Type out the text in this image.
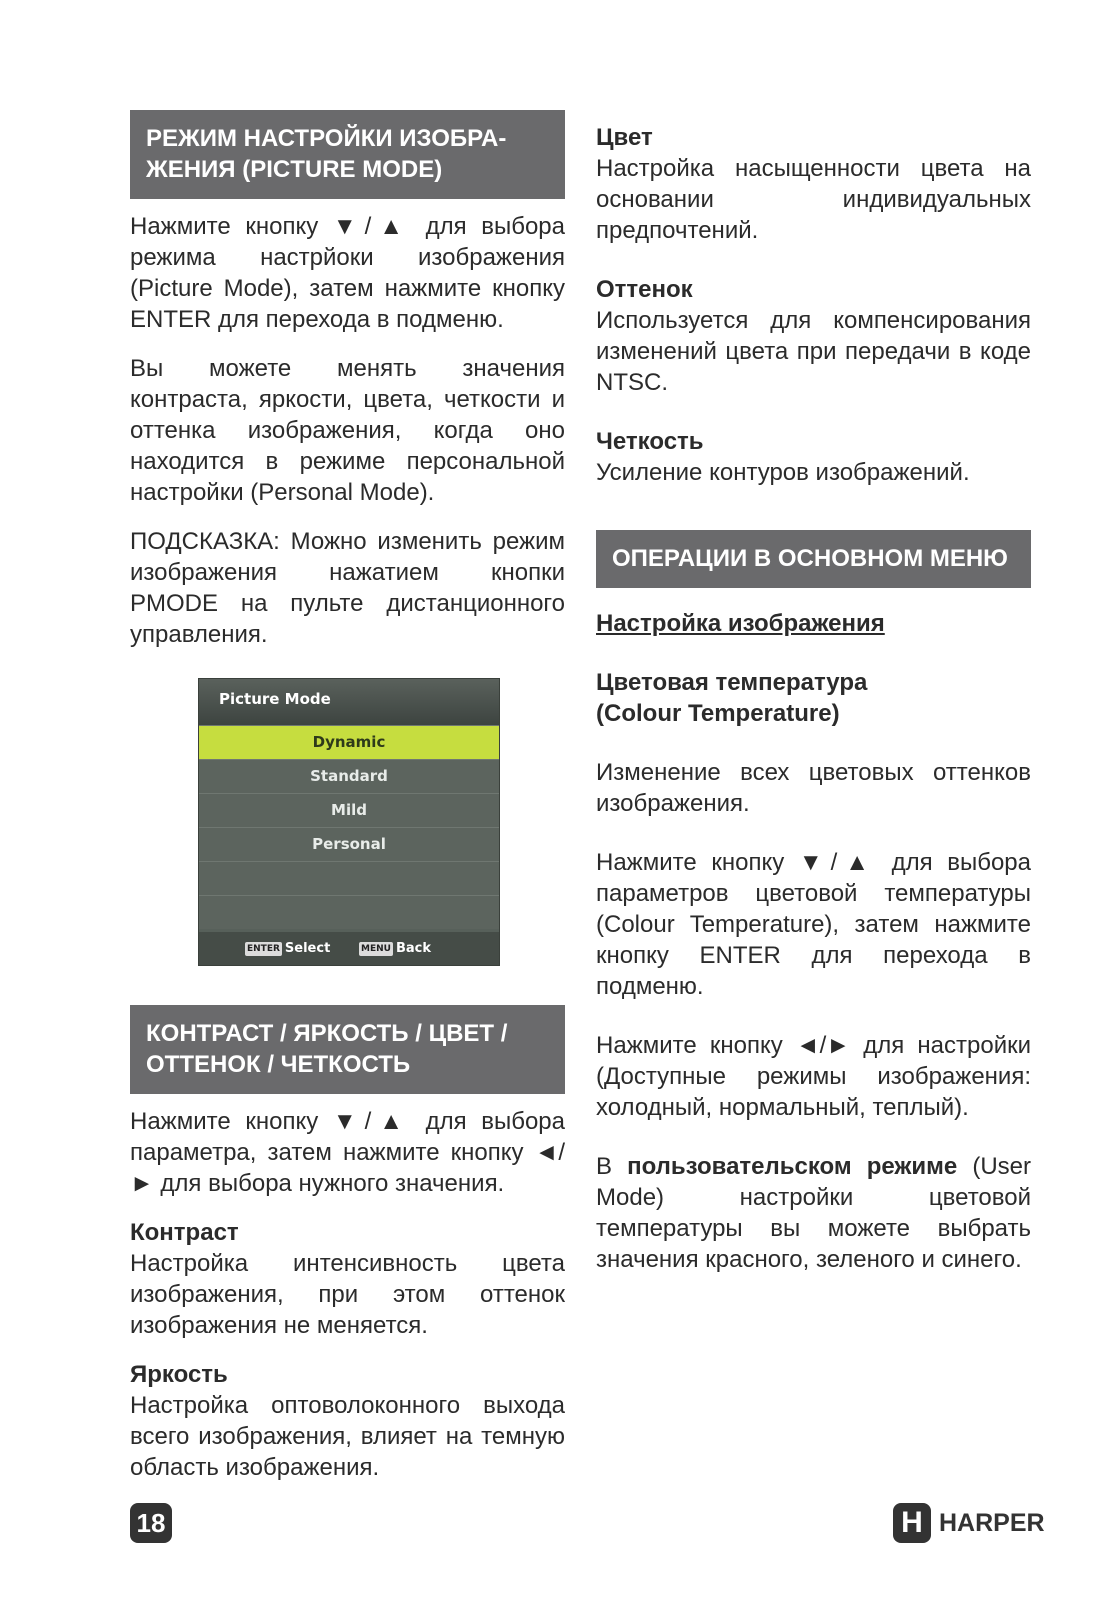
РЕЖИМ НАСТРОЙКИ ИЗОБРА-ЖЕНИЯ (PICTURE MODE)

Нажмите кнопку ▼/▲ для выбора режима настрйоки изображения (Picture Mode), затем нажмите кнопку ENTER для перехода в подменю.

Вы можете менять значения контраста, яркости, цвета, четкости и оттенка изображения, когда оно находится в режиме персональной настройки (Personal Mode).

ПОДСКАЗКА: Можно изменить режим изображения нажатием кнопки PMODE на пульте дистанционного управления.

КОНТРАСТ / ЯРКОСТЬ / ЦВЕТ / ОТТЕНОК / ЧЕТКОСТЬ

Нажмите кнопку ▼/▲ для выбора параметра, затем нажмите кнопку ◄/► для выбора нужного значения.

Контраст

Настройка интенсивность цвета изображения, при этом оттенок изображения не меняется.

Яркость

Настройка оптоволоконного выхода всего изображения, влияет на темную область изображения.

Picture Mode
Dynamic
Standard
Mild
Personal
ENTER Select	MENU Back
Цвет

Настройка насыщенности цвета на основании индивидуальных предпочтений.

Оттенок

Используется для компенсирования изменений цвета при передачи в коде NTSC.

Четкость

Усиление контуров изображений.

ОПЕРАЦИИ В ОСНОВНОМ МЕНЮ
Настройка изображения
Цветовая температура
(Colour Temperature)

Изменение всех цветовых оттенков изображения.

Нажмите кнопку ▼/▲ для выбора параметров цветовой температуры (Colour Temperature), затем нажмите кнопку ENTER для перехода в подменю.

Нажмите кнопку ◄/► для настройки (Доступные режимы изображения: холодный, нормальный, теплый).

В пользовательском режиме (User Mode) настройки цветовой температуры вы можете выбрать значения красного, зеленого и синего.

18	H HARPER
